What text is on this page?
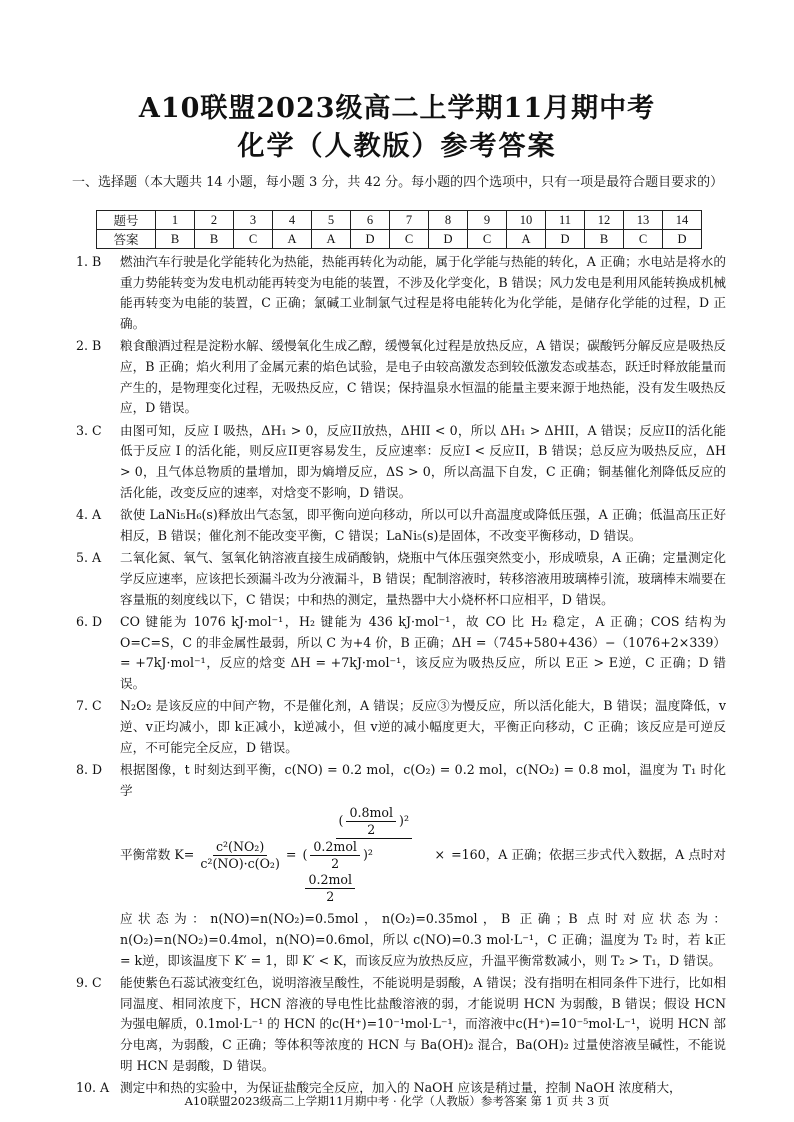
A10联盟2023级高二上学期11月期中考
化学（人教版）参考答案
一、选择题（本大题共 14 小题，每小题 3 分，共 42 分。每小题的四个选项中，只有一项是最符合题目要求的）
题号	1	2	3	4	5	6	7	8	9	10	11	12	13	14
答案	B	B	C	A	A	D	C	D	C	A	D	B	C	D
1. B	燃油汽车行驶是化学能转化为热能，热能再转化为动能，属于化学能与热能的转化，A 正确；水电站是将水的重力势能转变为发电机动能再转变为电能的装置，不涉及化学变化，B 错误；风力发电是利用风能转换成机械能再转变为电能的装置，C 正确；氯碱工业制氯气过程是将电能转化为化学能，是储存化学能的过程，D 正确。
2. B	粮食酿酒过程是淀粉水解、缓慢氧化生成乙醇，缓慢氧化过程是放热反应，A 错误；碳酸钙分解反应是吸热反应，B 正确；焰火利用了金属元素的焰色试验，是电子由较高激发态到较低激发态或基态，跃迁时释放能量而产生的，是物理变化过程，无吸热反应，C 错误；保持温泉水恒温的能量主要来源于地热能，没有发生吸热反应，D 错误。
3. C	由图可知，反应 I 吸热，ΔH₁ > 0，反应II放热，ΔHII < 0，所以 ΔH₁ > ΔHII，A 错误；反应II的活化能低于反应 I 的活化能，则反应II更容易发生，反应速率：反应I < 反应II，B 错误；总反应为吸热反应，ΔH > 0，且气体总物质的量增加，即为熵增反应，ΔS > 0，所以高温下自发，C 正确；铜基催化剂降低反应的活化能，改变反应的速率，对焓变不影响，D 错误。
4. A	欲使 LaNi₅H₆(s)释放出气态氢，即平衡向逆向移动，所以可以升高温度或降低压强，A 正确；低温高压正好相反，B 错误；催化剂不能改变平衡，C 错误；LaNi₅(s)是固体，不改变平衡移动，D 错误。
5. A	二氧化氮、氧气、氢氧化钠溶液直接生成硝酸钠，烧瓶中气体压强突然变小，形成喷泉，A 正确；定量测定化学反应速率，应该把长颈漏斗改为分液漏斗，B 错误；配制溶液时，转移溶液用玻璃棒引流，玻璃棒末端要在容量瓶的刻度线以下，C 错误；中和热的测定，量热器中大小烧杯杯口应相平，D 错误。
6. D	CO 键能为 1076 kJ·mol⁻¹，H₂ 键能为 436 kJ·mol⁻¹，故 CO 比 H₂ 稳定，A 正确；COS 结构为 O=C=S，C 的非金属性最弱，所以 C 为+4 价，B 正确；ΔH =（745+580+436）−（1076+2×339）= +7kJ·mol⁻¹，反应的焓变 ΔH = +7kJ·mol⁻¹，该反应为吸热反应，所以 E正 > E逆，C 正确；D 错误。
7. C	N₂O₂ 是该反应的中间产物，不是催化剂，A 错误；反应③为慢反应，所以活化能大，B 错误；温度降低，v逆、v正均减小，即 k正减小，k逆减小，但 v逆的减小幅度更大，平衡正向移动，C 正确；该反应是可逆反应，不可能完全反应，D 错误。
8. D	根据图像，t 时刻达到平衡，c(NO) = 0.2 mol，c(O₂) = 0.2 mol，c(NO₂) = 0.8 mol，温度为 T₁ 时化学
平衡常数 $K= \frac{\text{c²(NO₂)}}{\text{c²(NO)·c(O₂)}}$ =
(
0.8mol
2
)²
(
0.2mol
2
)² ×
0.2mol
2
=160，A 正确；依据三步式代入数据，A 点时对
应状态为：n(NO)=n(NO₂)=0.5mol，n(O₂)=0.35mol，B 正确；B 点时对应状态为：n(O₂)=n(NO₂)=0.4mol，n(NO)=0.6mol，所以 c(NO)=0.3 mol·L⁻¹，C 正确；温度为 T₂ 时，若 k正 = k逆，即该温度下 K′ = 1，即 K′ < K，而该反应为放热反应，升温平衡常数减小，则 T₂ > T₁，D 错误。
9. C	能使紫色石蕊试液变红色，说明溶液呈酸性，不能说明是弱酸，A 错误；没有指明在相同条件下进行，比如相同温度、相同浓度下，HCN 溶液的导电性比盐酸溶液的弱，才能说明 HCN 为弱酸，B 错误；假设 HCN 为强电解质，0.1mol·L⁻¹ 的 HCN 的c(H⁺)=10⁻¹mol·L⁻¹，而溶液中c(H⁺)=10⁻⁵mol·L⁻¹，说明 HCN 部分电离，为弱酸，C 正确；等体积等浓度的 HCN 与 Ba(OH)₂ 混合，Ba(OH)₂ 过量使溶液呈碱性，不能说明 HCN 是弱酸，D 错误。
10. A 测定中和热的实验中，为保证盐酸完全反应，加入的 NaOH 应该是稍过量，控制 NaOH 浓度稍大，
A10联盟2023级高二上学期11月期中考 · 化学（人教版）参考答案 第 1 页 共 3 页
